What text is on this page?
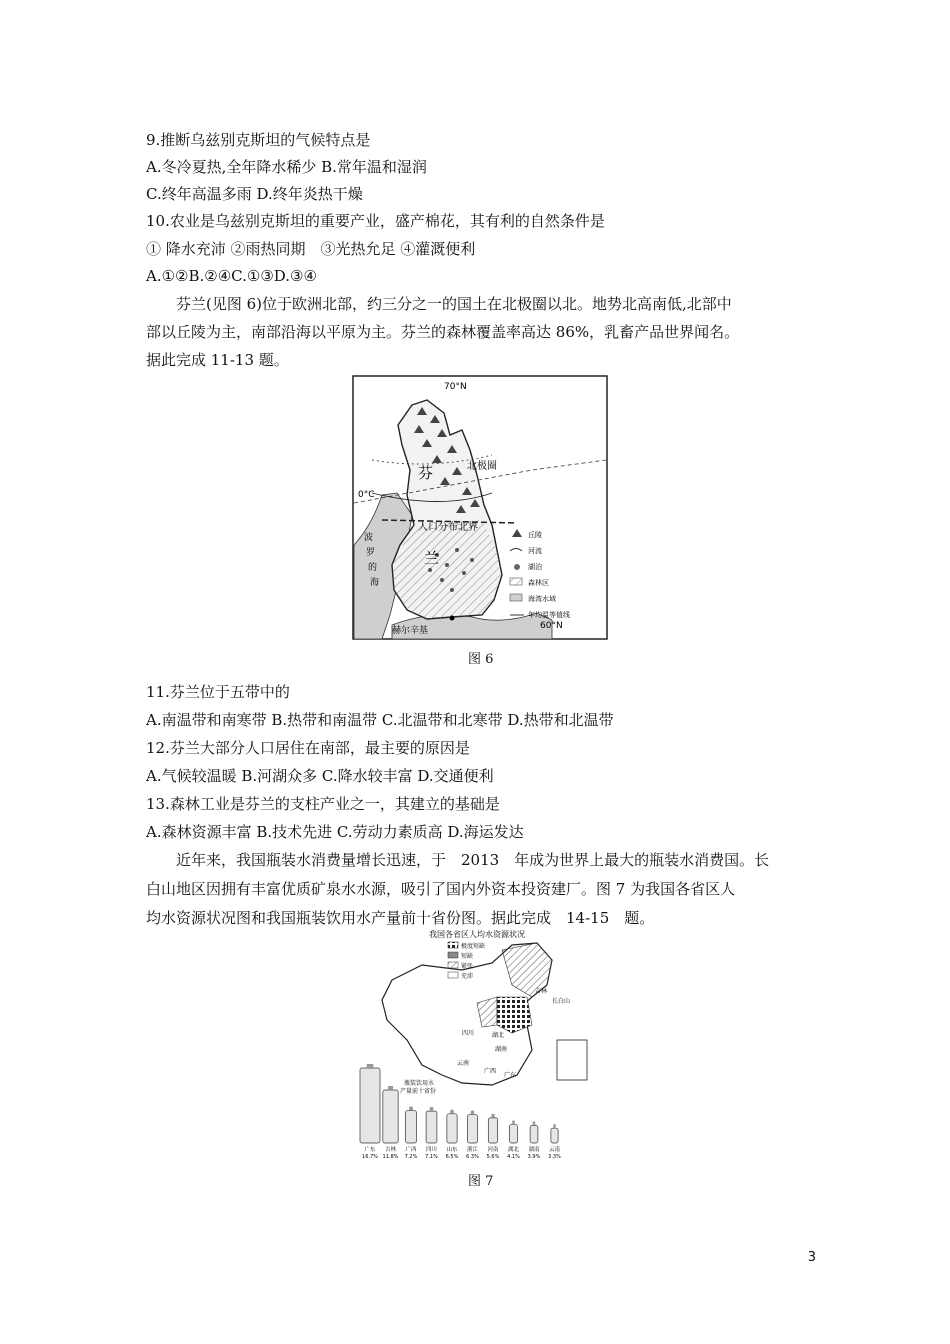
9.推断乌兹别克斯坦的气候特点是
A.冬冷夏热,全年降水稀少 B.常年温和湿润
C.终年高温多雨 D.终年炎热干燥
10.农业是乌兹别克斯坦的重要产业，盛产棉花，其有利的自然条件是
① 降水充沛 ②雨热同期　③光热允足 ④灌溉便利
A.①②B.②④C.①③D.③④
芬兰(见图 6)位于欧洲北部，约三分之一的国土在北极圈以北。地势北高南低,北部中
部以丘陵为主，南部沿海以平原为主。芬兰的森林覆盖率高达 86%，乳畜产品世界闻名。
据此完成 11-13 题。
70°N
60°N
北极圈
0°C
芬
兰
人口分布北界
波
罗
的
海
赫尔辛基
丘陵
河流
湖泊
森林区
海湾水域
年均温等值线
图 6
11.芬兰位于五带中的
A.南温带和南寒带 B.热带和南温带 C.北温带和北寒带 D.热带和北温带
12.芬兰大部分人口居住在南部，最主要的原因是
A.气候较温暖 B.河湖众多 C.降水较丰富 D.交通便利
13.森林工业是芬兰的支柱产业之一，其建立的基础是
A.森林资源丰富 B.技术先进 C.劳动力素质高 D.海运发达
近年来，我国瓶装水消费量增长迅速，于　2013　年成为世界上最大的瓶装水消费国。长
白山地区因拥有丰富优质矿泉水水源，吸引了国内外资本投资建厂。图 7 为我国各省区人
均水资源状况图和我国瓶装饮用水产量前十省份图。据此完成　14-15　题。
我国各省区人均水资源状况
极度短缺
短缺
紧张
充沛
吉林
长白山
四川	湖北
湖南
云南
广西
广东
瓶装饮用水
产量前十省份
广东
16.7%
吉林
11.8%
广西
7.2%
四川
7.1%
山东
6.5%
浙江
6.3%
河南
5.6%
湖北
4.1%
湖南
3.9%
云南
3.3%
图 7
3
